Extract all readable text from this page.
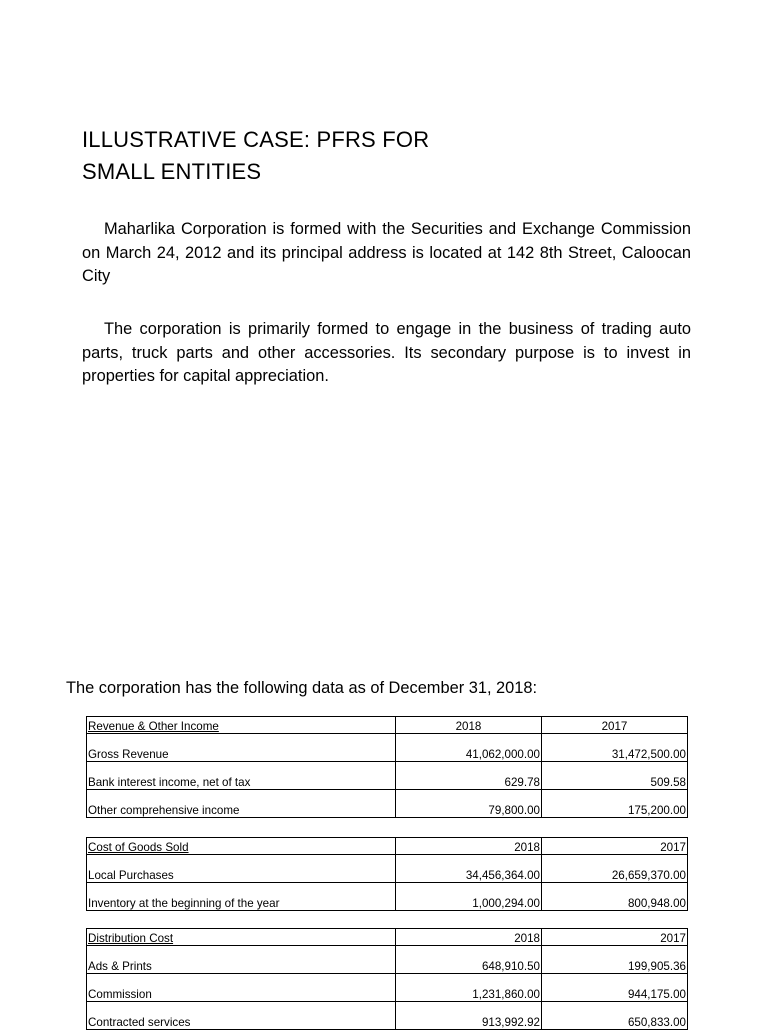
ILLUSTRATIVE CASE: PFRS FOR
SMALL ENTITIES
Maharlika Corporation is formed with the Securities and Exchange Commission on March 24, 2012 and its principal address is located at 142 8th Street, Caloocan City
The corporation is primarily formed to engage in the business of trading auto parts, truck parts and other accessories. Its secondary purpose is to invest in properties for capital appreciation.
The corporation has the following data as of December 31, 2018:
Revenue & Other Income	2018	2017
Gross Revenue	41,062,000.00	31,472,500.00
Bank interest income, net of tax	629.78	509.58
Other comprehensive income	79,800.00	175,200.00
Cost of Goods Sold	2018	2017
Local Purchases	34,456,364.00	26,659,370.00
Inventory at the beginning of the year	1,000,294.00	800,948.00
Distribution Cost	2018	2017
Ads & Prints	648,910.50	199,905.36
Commission	1,231,860.00	944,175.00
Contracted services	913,992.92	650,833.00
